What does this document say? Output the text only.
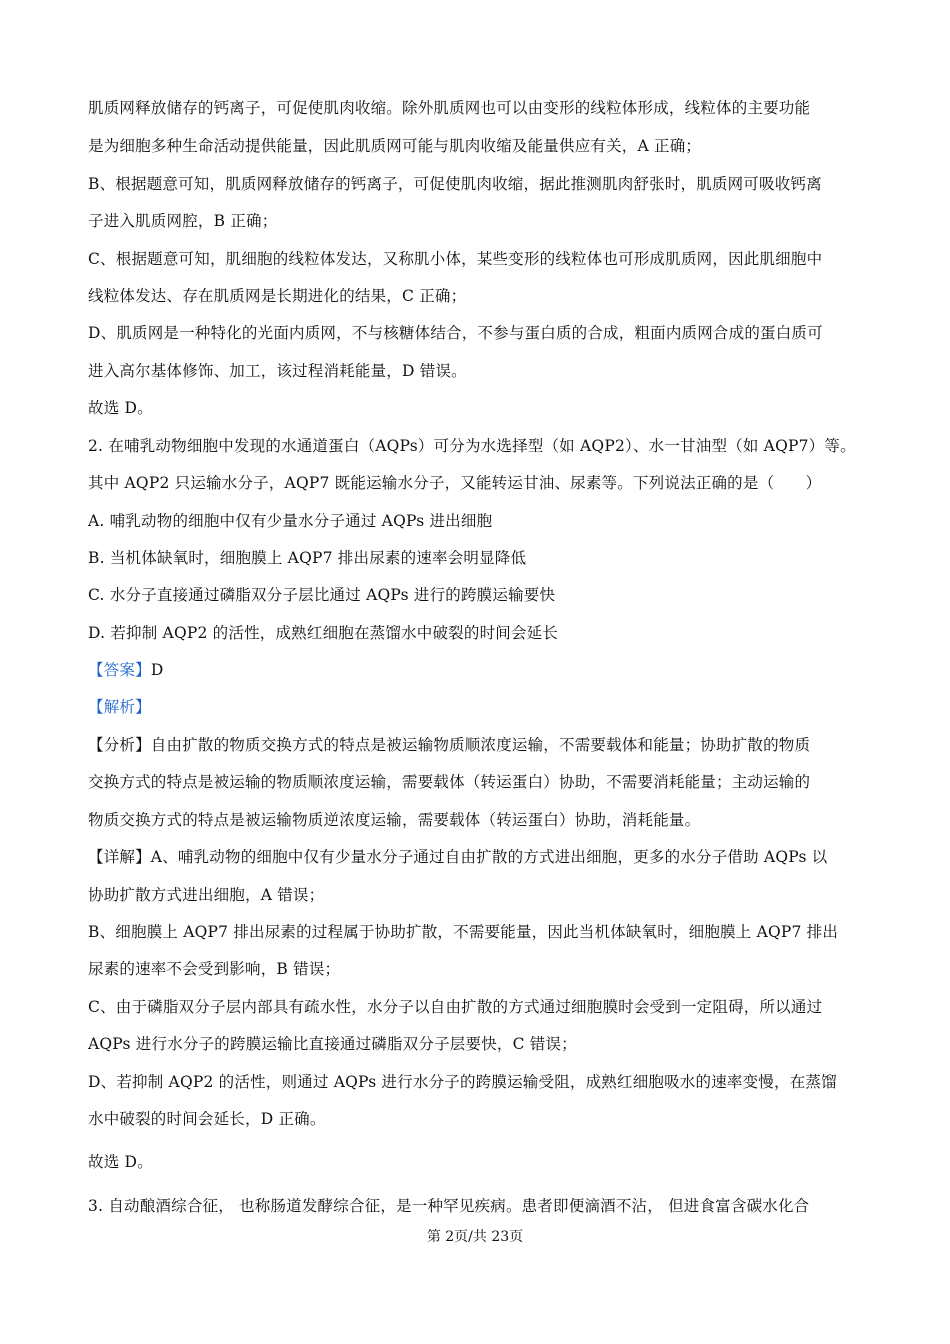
肌质网释放储存的钙离子，可促使肌肉收缩。除外肌质网也可以由变形的线粒体形成，线粒体的主要功能
是为细胞多种生命活动提供能量，因此肌质网可能与肌肉收缩及能量供应有关，A 正确；
B、根据题意可知，肌质网释放储存的钙离子，可促使肌肉收缩，据此推测肌肉舒张时，肌质网可吸收钙离
子进入肌质网腔，B 正确；
C、根据题意可知，肌细胞的线粒体发达，又称肌小体，某些变形的线粒体也可形成肌质网，因此肌细胞中
线粒体发达、存在肌质网是长期进化的结果，C 正确；
D、肌质网是一种特化的光面内质网，不与核糖体结合，不参与蛋白质的合成，粗面内质网合成的蛋白质可
进入高尔基体修饰、加工，该过程消耗能量，D 错误。
故选 D。
2. 在哺乳动物细胞中发现的水通道蛋白（AQPs）可分为水选择型（如 AQP2）、水一甘油型（如 AQP7）等。
其中 AQP2 只运输水分子，AQP7 既能运输水分子，又能转运甘油、尿素等。下列说法正确的是（　　）
A. 哺乳动物的细胞中仅有少量水分子通过 AQPs 进出细胞
B. 当机体缺氧时，细胞膜上 AQP7 排出尿素的速率会明显降低
C. 水分子直接通过磷脂双分子层比通过 AQPs 进行的跨膜运输要快
D. 若抑制 AQP2 的活性，成熟红细胞在蒸馏水中破裂的时间会延长
【答案】D
【解析】
【分析】自由扩散的物质交换方式的特点是被运输物质顺浓度运输，不需要载体和能量；协助扩散的物质
交换方式的特点是被运输的物质顺浓度运输，需要载体（转运蛋白）协助，不需要消耗能量；主动运输的
物质交换方式的特点是被运输物质逆浓度运输，需要载体（转运蛋白）协助，消耗能量。
【详解】A、哺乳动物的细胞中仅有少量水分子通过自由扩散的方式进出细胞，更多的水分子借助 AQPs 以
协助扩散方式进出细胞，A 错误；
B、细胞膜上 AQP7 排出尿素的过程属于协助扩散，不需要能量，因此当机体缺氧时，细胞膜上 AQP7 排出
尿素的速率不会受到影响，B 错误；
C、由于磷脂双分子层内部具有疏水性，水分子以自由扩散的方式通过细胞膜时会受到一定阻碍，所以通过
AQPs 进行水分子的跨膜运输比直接通过磷脂双分子层要快，C 错误；
D、若抑制 AQP2 的活性，则通过 AQPs 进行水分子的跨膜运输受阻，成熟红细胞吸水的速率变慢，在蒸馏
水中破裂的时间会延长，D 正确。
故选 D。
3. 自动酿酒综合征， 也称肠道发酵综合征，是一种罕见疾病。患者即便滴酒不沾， 但进食富含碳水化合
第 2页/共 23页
